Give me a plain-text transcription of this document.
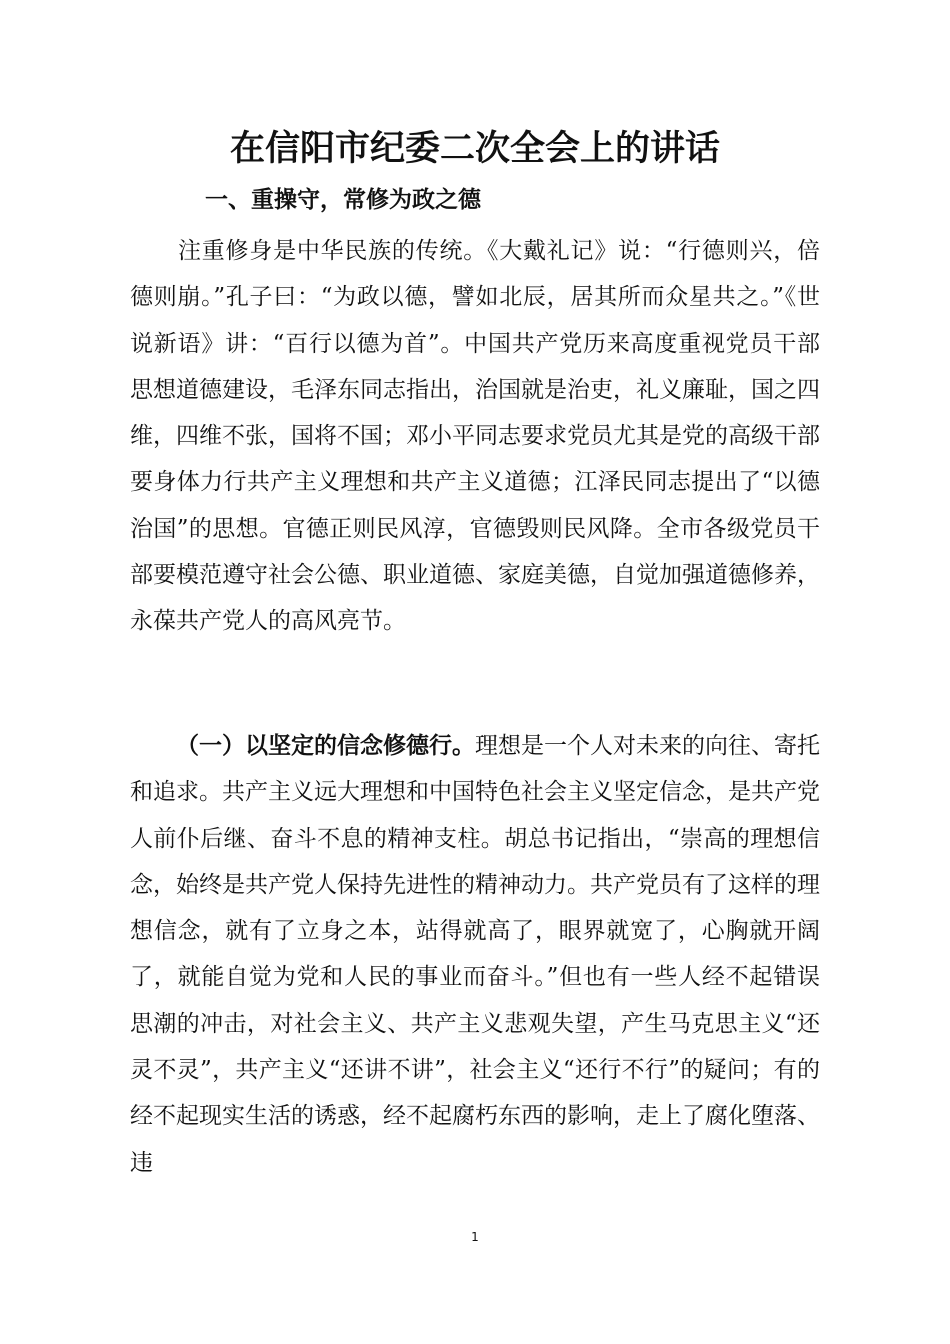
在信阳市纪委二次全会上的讲话
一、重操守，常修为政之德

注重修身是中华民族的传统。《大戴礼记》说：“行德则兴，倍德则崩。”孔子曰：“为政以德，譬如北辰，居其所而众星共之。”《世说新语》讲：“百行以德为首”。中国共产党历来高度重视党员干部思想道德建设，毛泽东同志指出，治国就是治吏，礼义廉耻，国之四维，四维不张，国将不国；邓小平同志要求党员尤其是党的高级干部要身体力行共产主义理想和共产主义道德；江泽民同志提出了“以德治国”的思想。官德正则民风淳，官德毁则民风降。全市各级党员干部要模范遵守社会公德、职业道德、家庭美德，自觉加强道德修养，永葆共产党人的高风亮节。

（一）以坚定的信念修德行。理想是一个人对未来的向往、寄托和追求。共产主义远大理想和中国特色社会主义坚定信念，是共产党人前仆后继、奋斗不息的精神支柱。胡总书记指出，“崇高的理想信念，始终是共产党人保持先进性的精神动力。共产党员有了这样的理想信念，就有了立身之本，站得就高了，眼界就宽了，心胸就开阔了，就能自觉为党和人民的事业而奋斗。”但也有一些人经不起错误思潮的冲击，对社会主义、共产主义悲观失望，产生马克思主义“还灵不灵”，共产主义“还讲不讲”，社会主义“还行不行”的疑问；有的经不起现实生活的诱惑，经不起腐朽东西的影响，走上了腐化堕落、违

1
